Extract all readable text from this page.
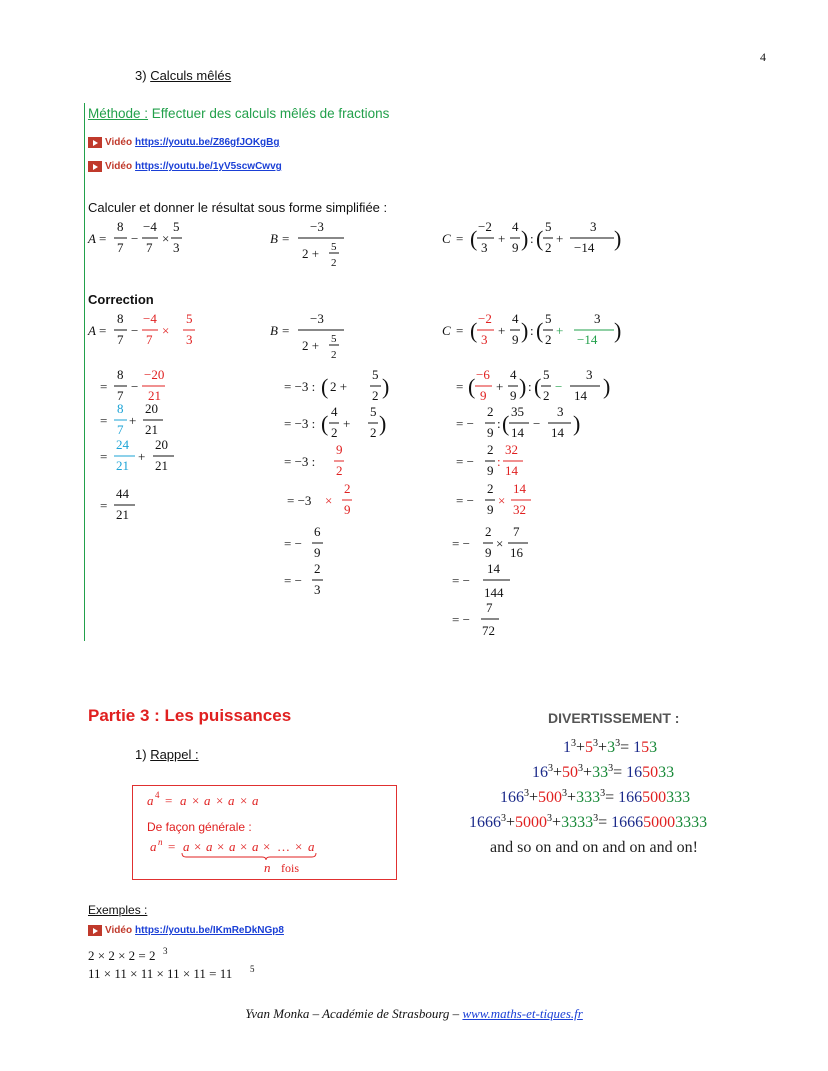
4
3) Calculs mêlés
Méthode : Effectuer des calculs mêlés de fractions
Vidéo https://youtu.be/Z86gfJOKgBg
Vidéo https://youtu.be/1yV5scwCwvg
Calculer et donner le résultat sous forme simplifiée :
Correction
A =
8
7
−
−4
7
×
5
3
B =
−3
2 + 5
2
C = ( −2
3
+
4
9 ) : ( 5
2
+
3
−14 )
A =
8
7
−
−4
7
×
5
3
=
8
7
−
−20
21
=
8
7
+
20
21
=
24
21
+
20
21
=
44
21
B =
−3
2 + 5
2
= −3 : ( 2 +
5
2 )
= −3 : ( 4
2
+
5
2 )
= −3 :
9
2
= −3 ×
2
9
= −
6
9
= −
2
3
C = ( −2
3
+
4
9 ) : ( 5
2
+
3
−14 )
= ( −6
9
+
4
9 ) : ( 5
2
−
3
14 )
= −
2
9
: ( 35
14
−
3
14 )
= −
2
9
:
32
14
= −
2
9
×
14
32
= −
2
9
×
7
16
= −
14
144
= −
7
72
a 4 = a × a × a × a
a n = a × a × a × a × … × a
n fois
$1^3+5^3+3^3= 153$
$16^3+50^3+33^3= 165033$
$166^3+500^3+333^3= 166500333$
$1666^3+5000^3+3333^3= 166650003333$
and so on and on and on and on!
2 × 2 × 2 = 2 3
11 × 11 × 11 × 11 × 11 = 11 5
Partie 3 : Les puissances
1) Rappel :
De façon générale :
DIVERTISSEMENT :
Exemples :
Vidéo https://youtu.be/IKmReDkNGp8
Yvan Monka – Académie de Strasbourg – www.maths-et-tiques.fr
